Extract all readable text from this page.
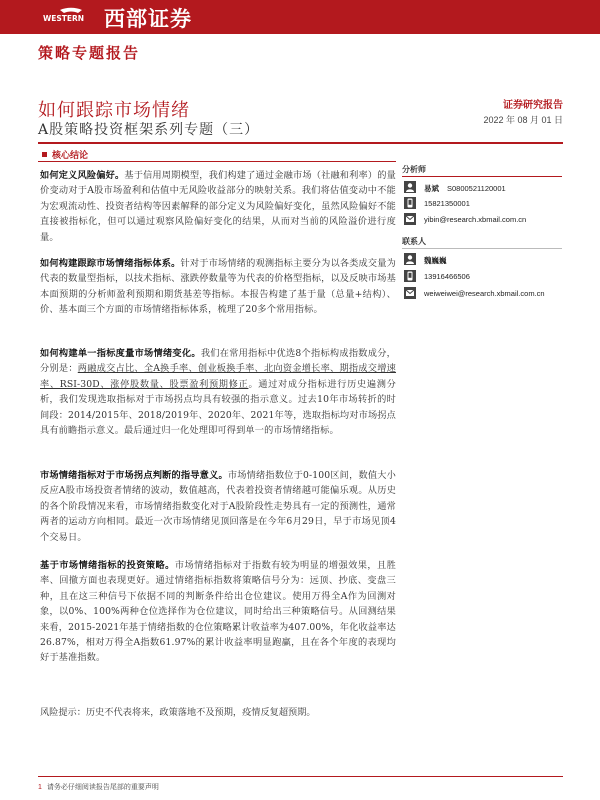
WESTERN 西部证券
策略专题报告
如何跟踪市场情绪
A股策略投资框架系列专题（三）
证券研究报告
2022 年 08 月 01 日
核心结论
如何定义风险偏好。基于信用周期模型，我们构建了通过金融市场（社融和利率）的量价变动对于A股市场盈利和估值中无风险收益部分的映射关系。我们将估值变动中不能为宏观流动性、投资者结构等因素解释的部分定义为风险偏好变化，虽然风险偏好不能直接被指标化，但可以通过观察风险偏好变化的结果，从而对当前的风险溢价进行度量。
如何构建跟踪市场情绪指标体系。针对于市场情绪的观测指标主要分为以各类成交量为代表的数量型指标，以技术指标、涨跌停数量等为代表的价格型指标，以及反映市场基本面预期的分析师盈利预期和期货基差等指标。本报告构建了基于量（总量+结构）、价、基本面三个方面的市场情绪指标体系，梳理了20多个常用指标。
如何构建单一指标度量市场情绪变化。我们在常用指标中优选8个指标构成指数成分，分别是：两融成交占比、全A换手率、创业板换手率、北向资金增长率、期指成交增速率、RSI-30D、涨停股数量、股票盈利预期修正。通过对成分指标进行历史遍测分析，我们发现选取指标对于市场拐点均具有较强的指示意义。过去10年市场转折的时间段：2014/2015年、2018/2019年、2020年、2021年等，选取指标均对市场拐点具有前瞻指示意义。最后通过归一化处理即可得到单一的市场情绪指标。
市场情绪指标对于市场拐点判断的指导意义。市场情绪指数位于0-100区间，数值大小反应A股市场投资者情绪的波动，数值越高，代表着投资者情绪越可能偏乐观。从历史的各个阶段情况来看，市场情绪指数变化对于A股阶段性走势具有一定的预测性，通常两者的运动方向相同。最近一次市场情绪见顶回落是在今年6月29日，早于市场见顶4个交易日。
基于市场情绪指标的投资策略。市场情绪指标对于指数有较为明显的增强效果，且胜率、回撤方面也表现更好。通过情绪指标指数将策略信号分为：远顶、抄底、变盘三种，且在这三种信号下依据不同的判断条件给出仓位建议。使用万得全A作为回测对象，以0%、100%两种仓位选择作为仓位建议，同时给出三种策略信号。从回测结果来看，2015-2021年基于情绪指数的仓位策略累计收益率为407.00%，年化收益率达26.87%，相对万得全A指数61.97%的累计收益率明显跑赢，且在各个年度的表现均好于基准指数。
风险提示：历史不代表将来，政策落地不及预期，疫情反复超预期。
分析师
易斌 S0800521120001
15821350001
yibin@research.xbmail.com.cn
联系人
魏巍巍
13916466506
weiweiwei@research.xbmail.com.cn
1 请务必仔细阅读报告尾部的重要声明
